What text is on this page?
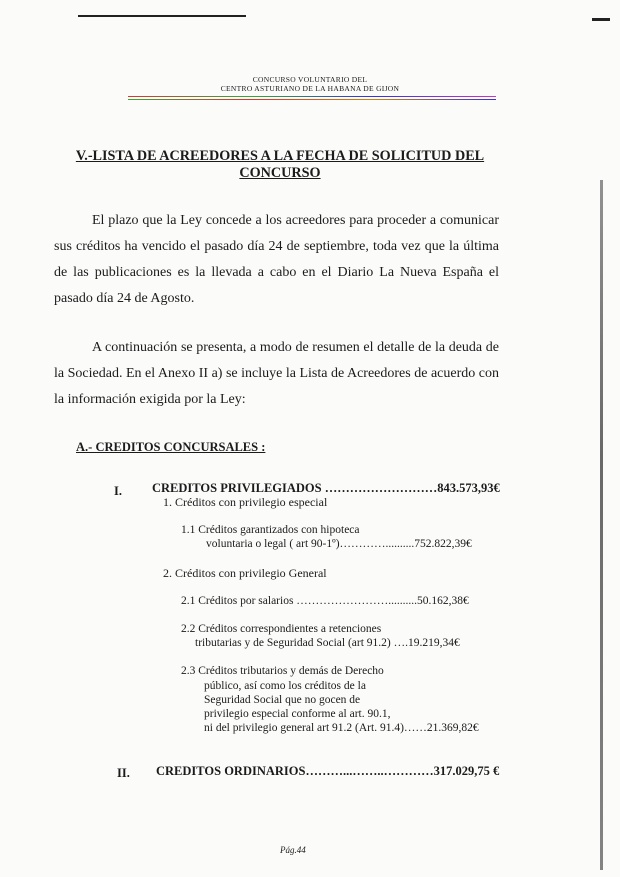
CONCURSO VOLUNTARIO DEL
CENTRO ASTURIANO DE LA HABANA DE GIJON
V.-LISTA DE ACREEDORES A LA FECHA DE SOLICITUD DEL
CONCURSO
El plazo que la Ley concede a los acreedores para proceder a comunicar sus créditos ha vencido el pasado día 24 de septiembre, toda vez que la última de las publicaciones es la llevada a cabo en el Diario La Nueva España el pasado día 24 de Agosto.
A continuación se presenta, a modo de resumen el detalle de la deuda de la Sociedad. En el Anexo II a) se incluye la Lista de Acreedores de acuerdo con la información exigida por la Ley:
A.- CREDITOS CONCURSALES :
I. CREDITOS PRIVILEGIADOS ………………………843.573,93€
1. Créditos con privilegio especial
1.1 Créditos garantizados con hipoteca
voluntaria o legal ( art 90-1º)…………..........752.822,39€
2. Créditos con privilegio General
2.1 Créditos por salarios ……………………..........50.162,38€
2.2 Créditos correspondientes a retenciones
tributarias y de Seguridad Social (art 91.2) ….19.219,34€
2.3 Créditos tributarios y demás de Derecho
público, así como los créditos de la
Seguridad Social que no gocen de
privilegio especial conforme al art. 90.1,
ni del privilegio general art 91.2 (Art. 91.4)……21.369,82€
II. CREDITOS ORDINARIOS………...……..…………317.029,75 €
Pág.44
